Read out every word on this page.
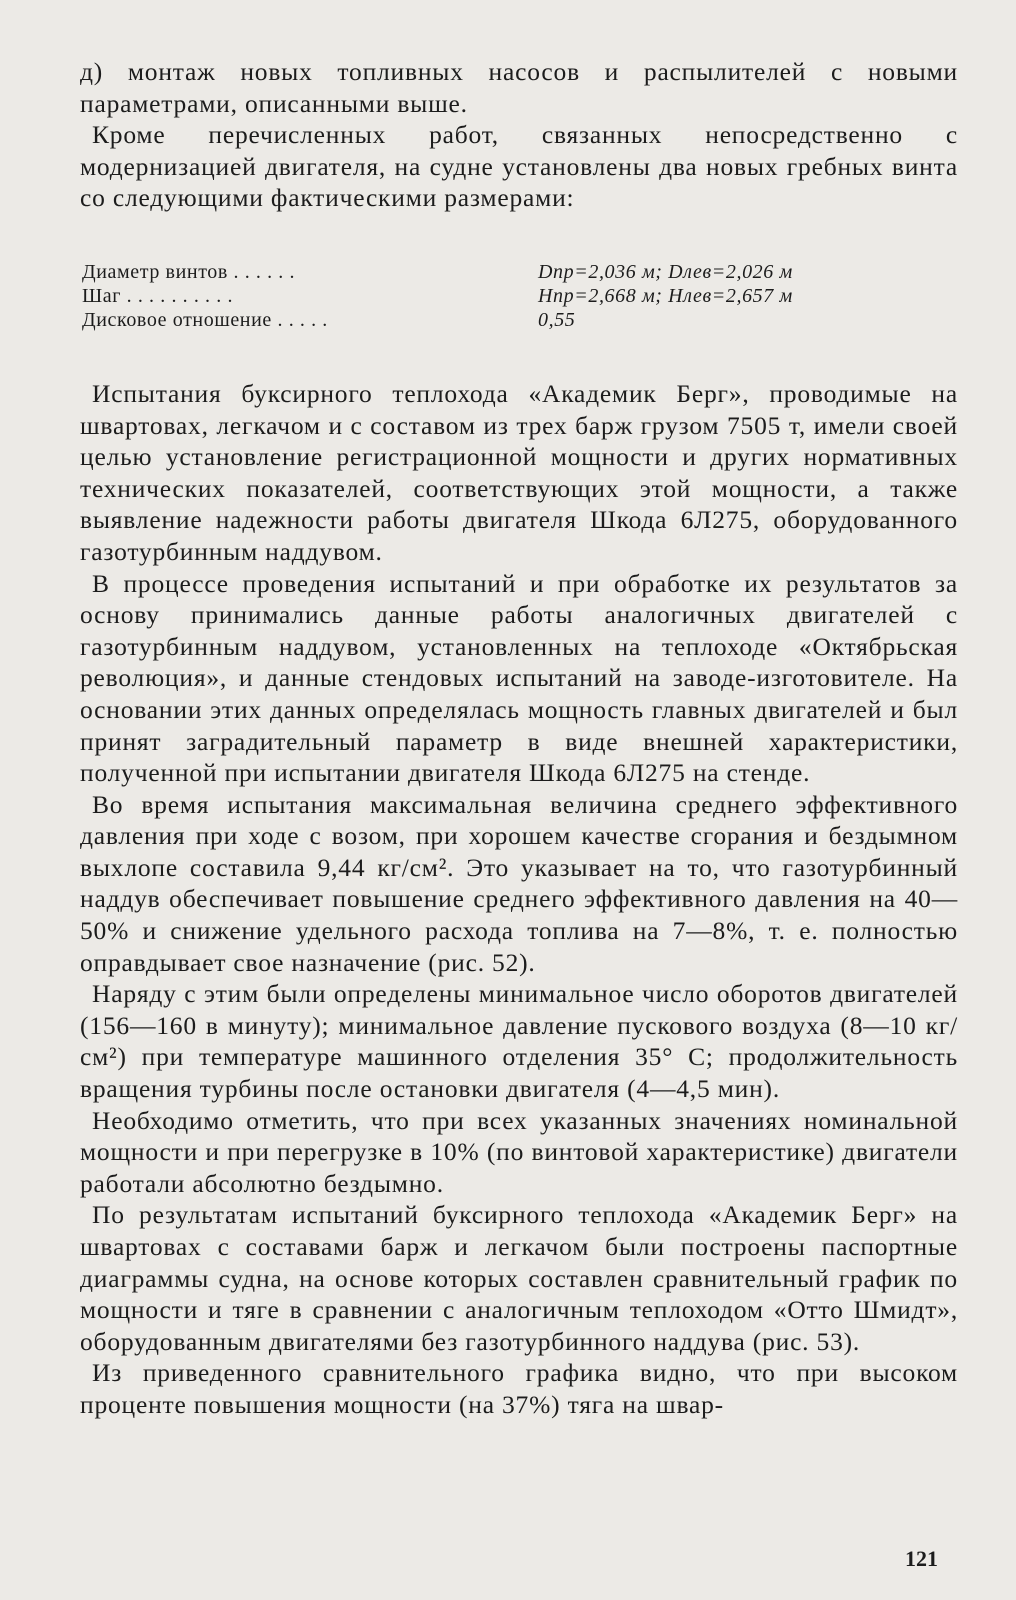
д) монтаж новых топливных насосов и распылителей с новыми параметрами, описанными выше.

Кроме перечисленных работ, связанных непосредственно с модернизацией двигателя, на судне установлены два новых гребных винта со следующими фактическими размерами:

Диаметр винтов . . . . . .	Dпр=2,036 м; Dлев=2,026 м
Шаг . . . . . . . . . .	Hпр=2,668 м; Hлев=2,657 м
Дисковое отношение . . . . .	0,55

Испытания буксирного теплохода «Академик Берг», проводимые на швартовах, легкачом и с составом из трех барж грузом 7505 т, имели своей целью установление регистрационной мощности и других нормативных технических показателей, соответствующих этой мощности, а также выявление надежности работы двигателя Шкода 6Л275, оборудованного газотурбинным наддувом.

В процессе проведения испытаний и при обработке их результатов за основу принимались данные работы аналогичных двигателей с газотурбинным наддувом, установленных на теплоходе «Октябрьская революция», и данные стендовых испытаний на заводе-изготовителе. На основании этих данных определялась мощность главных двигателей и был принят заградительный параметр в виде внешней характеристики, полученной при испытании двигателя Шкода 6Л275 на стенде.

Во время испытания максимальная величина среднего эффективного давления при ходе с возом, при хорошем качестве сгорания и бездымном выхлопе составила 9,44 кг/см². Это указывает на то, что газотурбинный наддув обеспечивает повышение среднего эффективного давления на 40—50% и снижение удельного расхода топлива на 7—8%, т. е. полностью оправдывает свое назначение (рис. 52).

Наряду с этим были определены минимальное число оборотов двигателей (156—160 в минуту); минимальное давление пускового воздуха (8—10 кг/см²) при температуре машинного отделения 35° С; продолжительность вращения турбины после остановки двигателя (4—4,5 мин).

Необходимо отметить, что при всех указанных значениях номинальной мощности и при перегрузке в 10% (по винтовой характеристике) двигатели работали абсолютно бездымно.

По результатам испытаний буксирного теплохода «Академик Берг» на швартовах с составами барж и легкачом были построены паспортные диаграммы судна, на основе которых составлен сравнительный график по мощности и тяге в сравнении с аналогичным теплоходом «Отто Шмидт», оборудованным двигателями без газотурбинного наддува (рис. 53).

Из приведенного сравнительного графика видно, что при высоком проценте повышения мощности (на 37%) тяга на швар-

121
